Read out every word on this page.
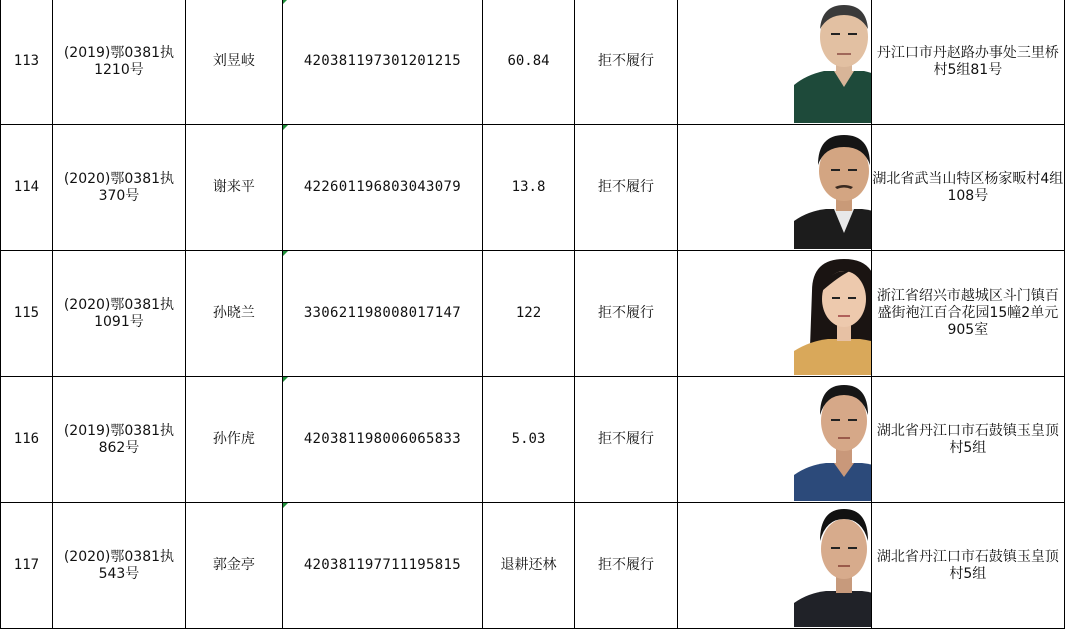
113	(2019)鄂0381执1210号	刘昱岐	420381197301201215	60.84	拒不履行		丹江口市丹赵路办事处三里桥村5组81号
114	(2020)鄂0381执370号	谢来平	422601196803043079	13.8	拒不履行		湖北省武当山特区杨家畈村4组108号
115	(2020)鄂0381执1091号	孙晓兰	330621198008017147	122	拒不履行		浙江省绍兴市越城区斗门镇百盛街袍江百合花园15幢2单元905室
116	(2019)鄂0381执862号	孙作虎	420381198006065833	5.03	拒不履行		湖北省丹江口市石鼓镇玉皇顶村5组
117	(2020)鄂0381执543号	郭金亭	420381197711195815	退耕还林	拒不履行		湖北省丹江口市石鼓镇玉皇顶村5组
